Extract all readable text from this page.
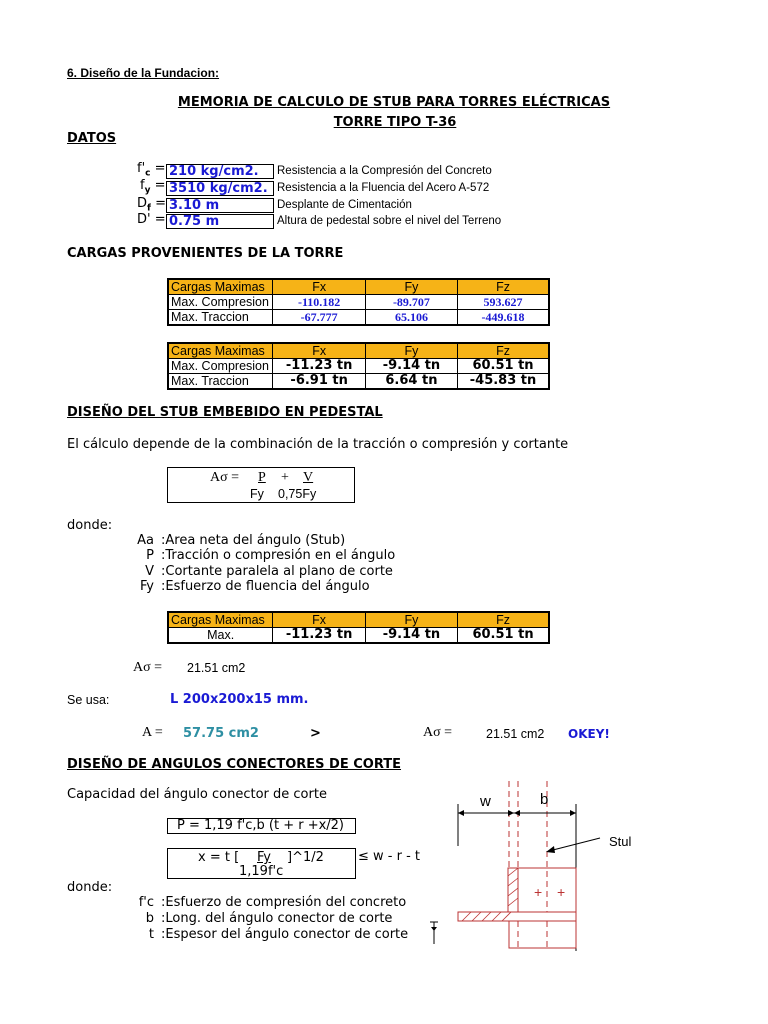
6. Diseño de la Fundacion:
MEMORIA DE CALCULO DE STUB PARA TORRES ELÉCTRICAS
TORRE TIPO T-36
DATOS
$f'_c = 210$ kg/cm2. Resistencia a la Compresión del Concreto
$f_y = 3510$ kg/cm2. Resistencia a la Fluencia del Acero A-572
$D_f = 3.10$ m	Desplante de Cimentación
D' = 0.75 m	Altura de pedestal sobre el nivel del Terreno
CARGAS PROVENIENTES DE LA TORRE
Cargas Maximas	Fx	Fy	Fz
Max. Compresion	-110.182	-89.707	593.627
Max. Traccion	-67.777	65.106	-449.618
Cargas Maximas	Fx	Fy	Fz
Max. Compresion	-11.23 tn	-9.14 tn	60.51 tn
Max. Traccion	-6.91 tn	6.64 tn	-45.83 tn
DISEÑO DEL STUB EMBEBIDO EN PEDESTAL
El cálculo depende de la combinación de la tracción o compresión y cortante
Aσ = P + V
Fy 0,75Fy
donde:
Aa :Area neta del ángulo (Stub)
P :Tracción o compresión en el ángulo
V :Cortante paralela al plano de corte
Fy :Esfuerzo de fluencia del ángulo
Cargas Maximas	Fx	Fy	Fz
Max.	-11.23 tn	-9.14 tn	60.51 tn
Aσ = 21.51 cm2
Se usa:	L 200x200x15 mm.
A = 57.75 cm2	>	Aσ =	21.51 cm2 OKEY!
DISEÑO DE ANGULOS CONECTORES DE CORTE
Capacidad del ángulo conector de corte
P = 1,19 f'c,b (t + r +x/2)
x = t [ Fy ]^1/2
1,19f'c
≤ w - r - t
donde:
f'c :Esfuerzo de compresión del concreto
b :Long. del ángulo conector de corte
t :Espesor del ángulo conector de corte
w	b
Stul
+ +
